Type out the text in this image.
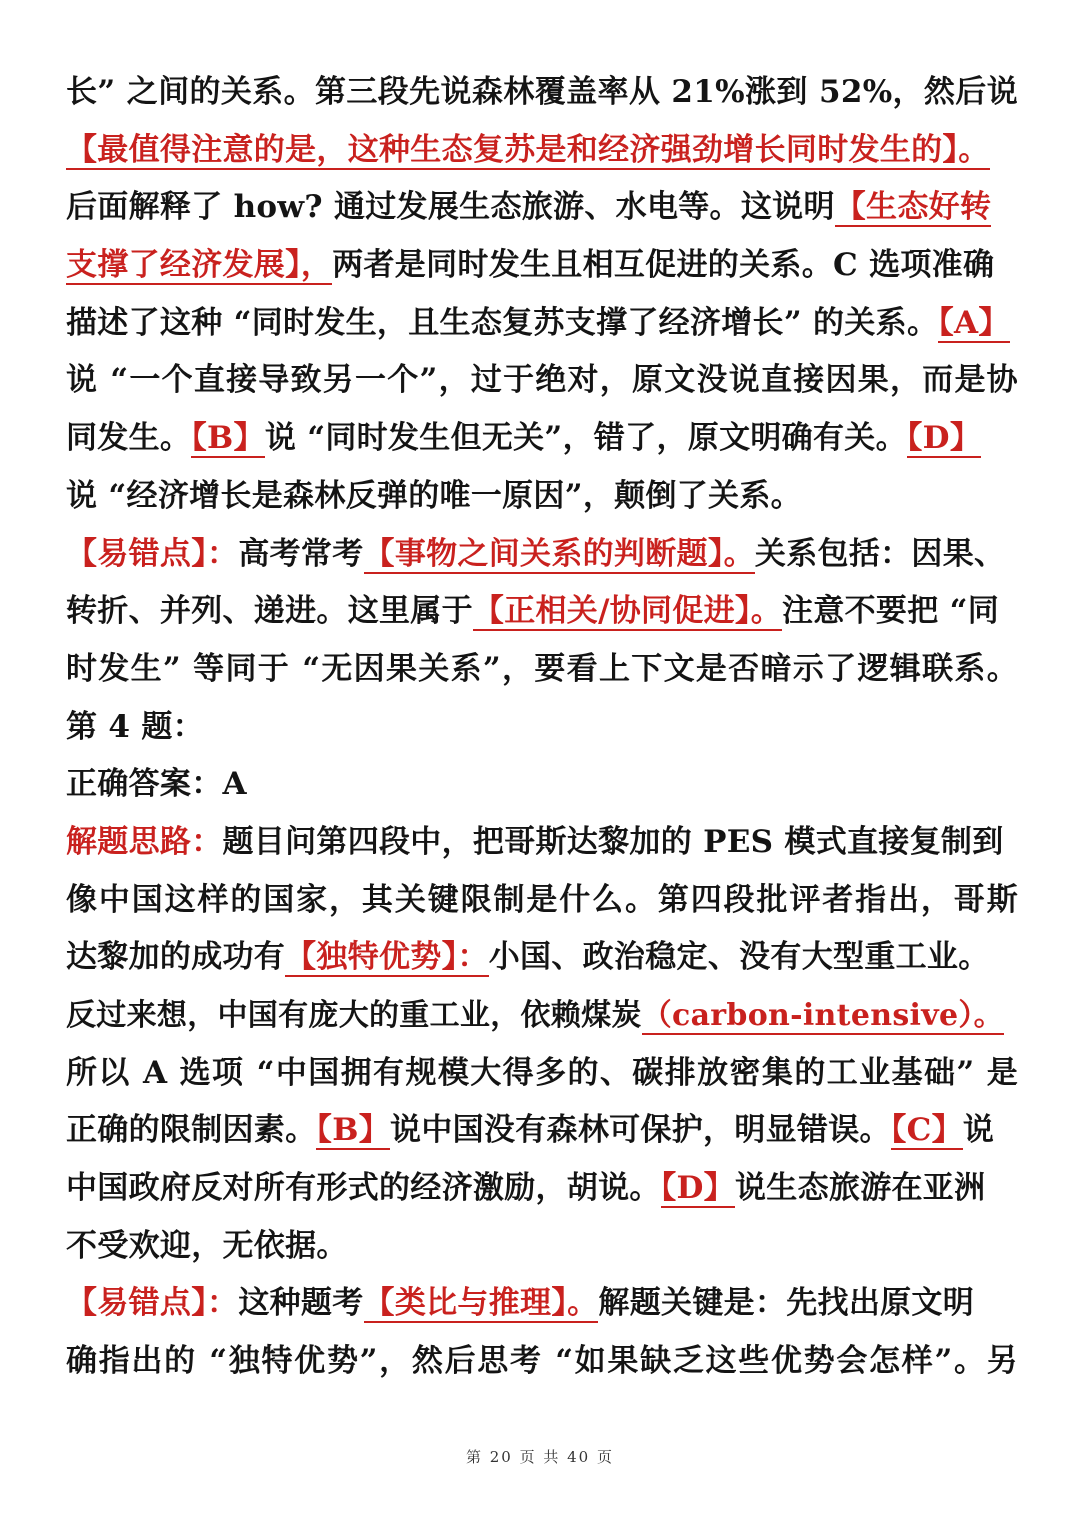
长” 之间的关系。第三段先说森林覆盖率从 21%涨到 52%，然后说
【最值得注意的是，这种生态复苏是和经济强劲增长同时发生的】。
后面解释了 how? 通过发展生态旅游、水电等。这说明【生态好转
支撑了经济发展】，两者是同时发生且相互促进的关系。C 选项准确
描述了这种 “同时发生，且生态复苏支撑了经济增长” 的关系。【A】
说 “一个直接导致另一个”，过于绝对，原文没说直接因果，而是协
同发生。【B】说 “同时发生但无关”，错了，原文明确有关。【D】
说 “经济增长是森林反弹的唯一原因”，颠倒了关系。
【易错点】：高考常考【事物之间关系的判断题】。关系包括：因果、
转折、并列、递进。这里属于【正相关/协同促进】。注意不要把 “同
时发生” 等同于 “无因果关系”，要看上下文是否暗示了逻辑联系。
第 4 题：
正确答案：A
解题思路：题目问第四段中，把哥斯达黎加的 PES 模式直接复制到
像中国这样的国家，其关键限制是什么。第四段批评者指出，哥斯
达黎加的成功有【独特优势】：小国、政治稳定、没有大型重工业。
反过来想，中国有庞大的重工业，依赖煤炭（carbon-intensive）。
所以 A 选项 “中国拥有规模大得多的、碳排放密集的工业基础” 是
正确的限制因素。【B】说中国没有森林可保护，明显错误。【C】说
中国政府反对所有形式的经济激励，胡说。【D】说生态旅游在亚洲
不受欢迎，无依据。
【易错点】：这种题考【类比与推理】。解题关键是：先找出原文明
确指出的 “独特优势”，然后思考 “如果缺乏这些优势会怎样”。另
第 20 页 共 40 页
